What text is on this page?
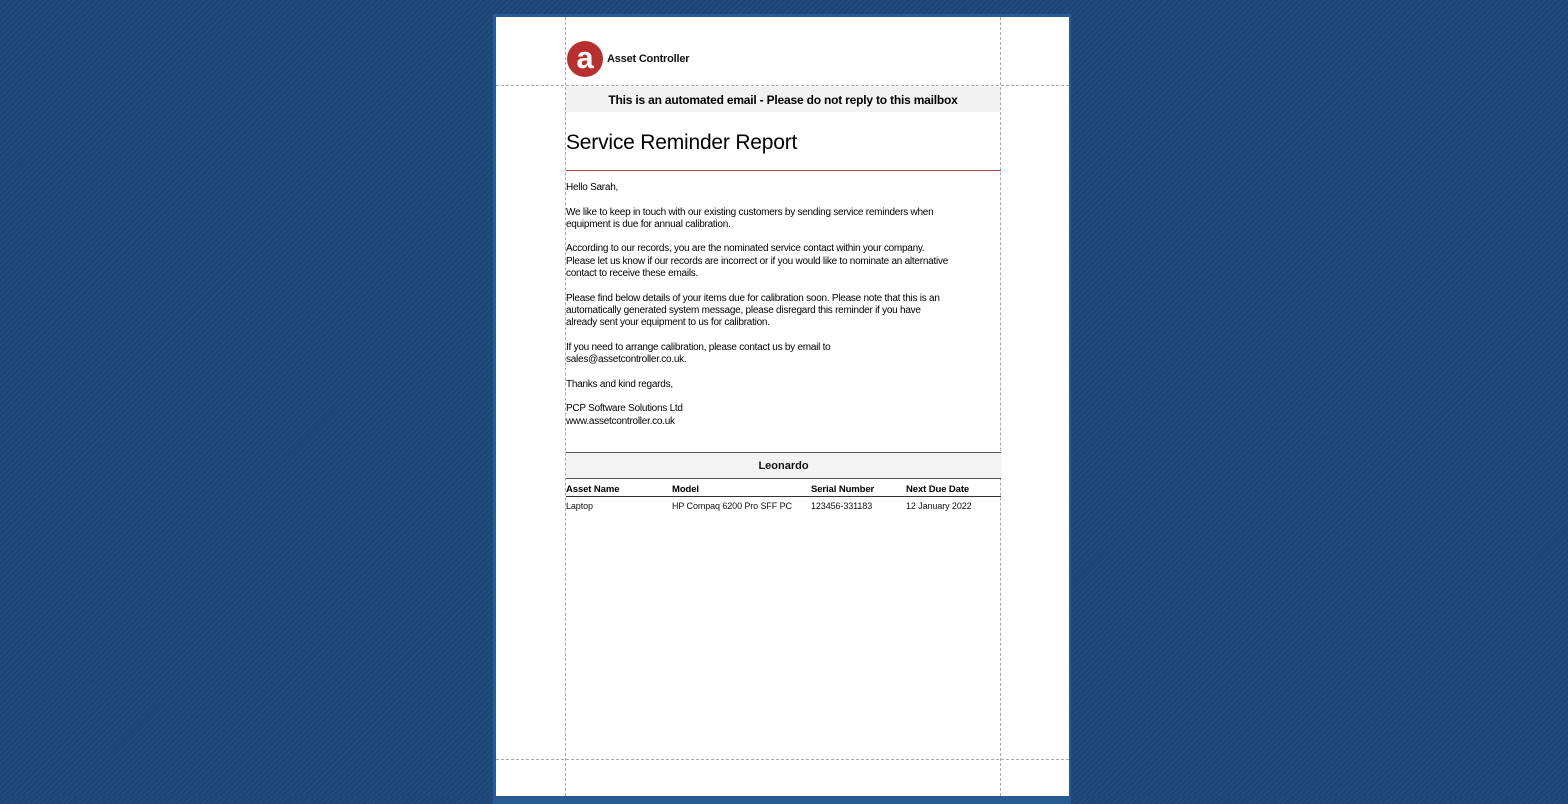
a	Asset Controller
This is an automated email - Please do not reply to this mailbox
Service Reminder Report

Hello Sarah,

We like to keep in touch with our existing customers by sending service reminders when
equipment is due for annual calibration.

According to our records, you are the nominated service contact within your company.
Please let us know if our records are incorrect or if you would like to nominate an alternative
contact to receive these emails.

Please find below details of your items due for calibration soon. Please note that this is an
automatically generated system message, please disregard this reminder if you have
already sent your equipment to us for calibration.

If you need to arrange calibration, please contact us by email to
sales@assetcontroller.co.uk.

Thanks and kind regards,

PCP Software Solutions Ltd
www.assetcontroller.co.uk

Leonardo
Asset Name	Model	Serial Number	Next Due Date
Laptop	HP Compaq 6200 Pro SFF PC	123456-331183	12 January 2022
